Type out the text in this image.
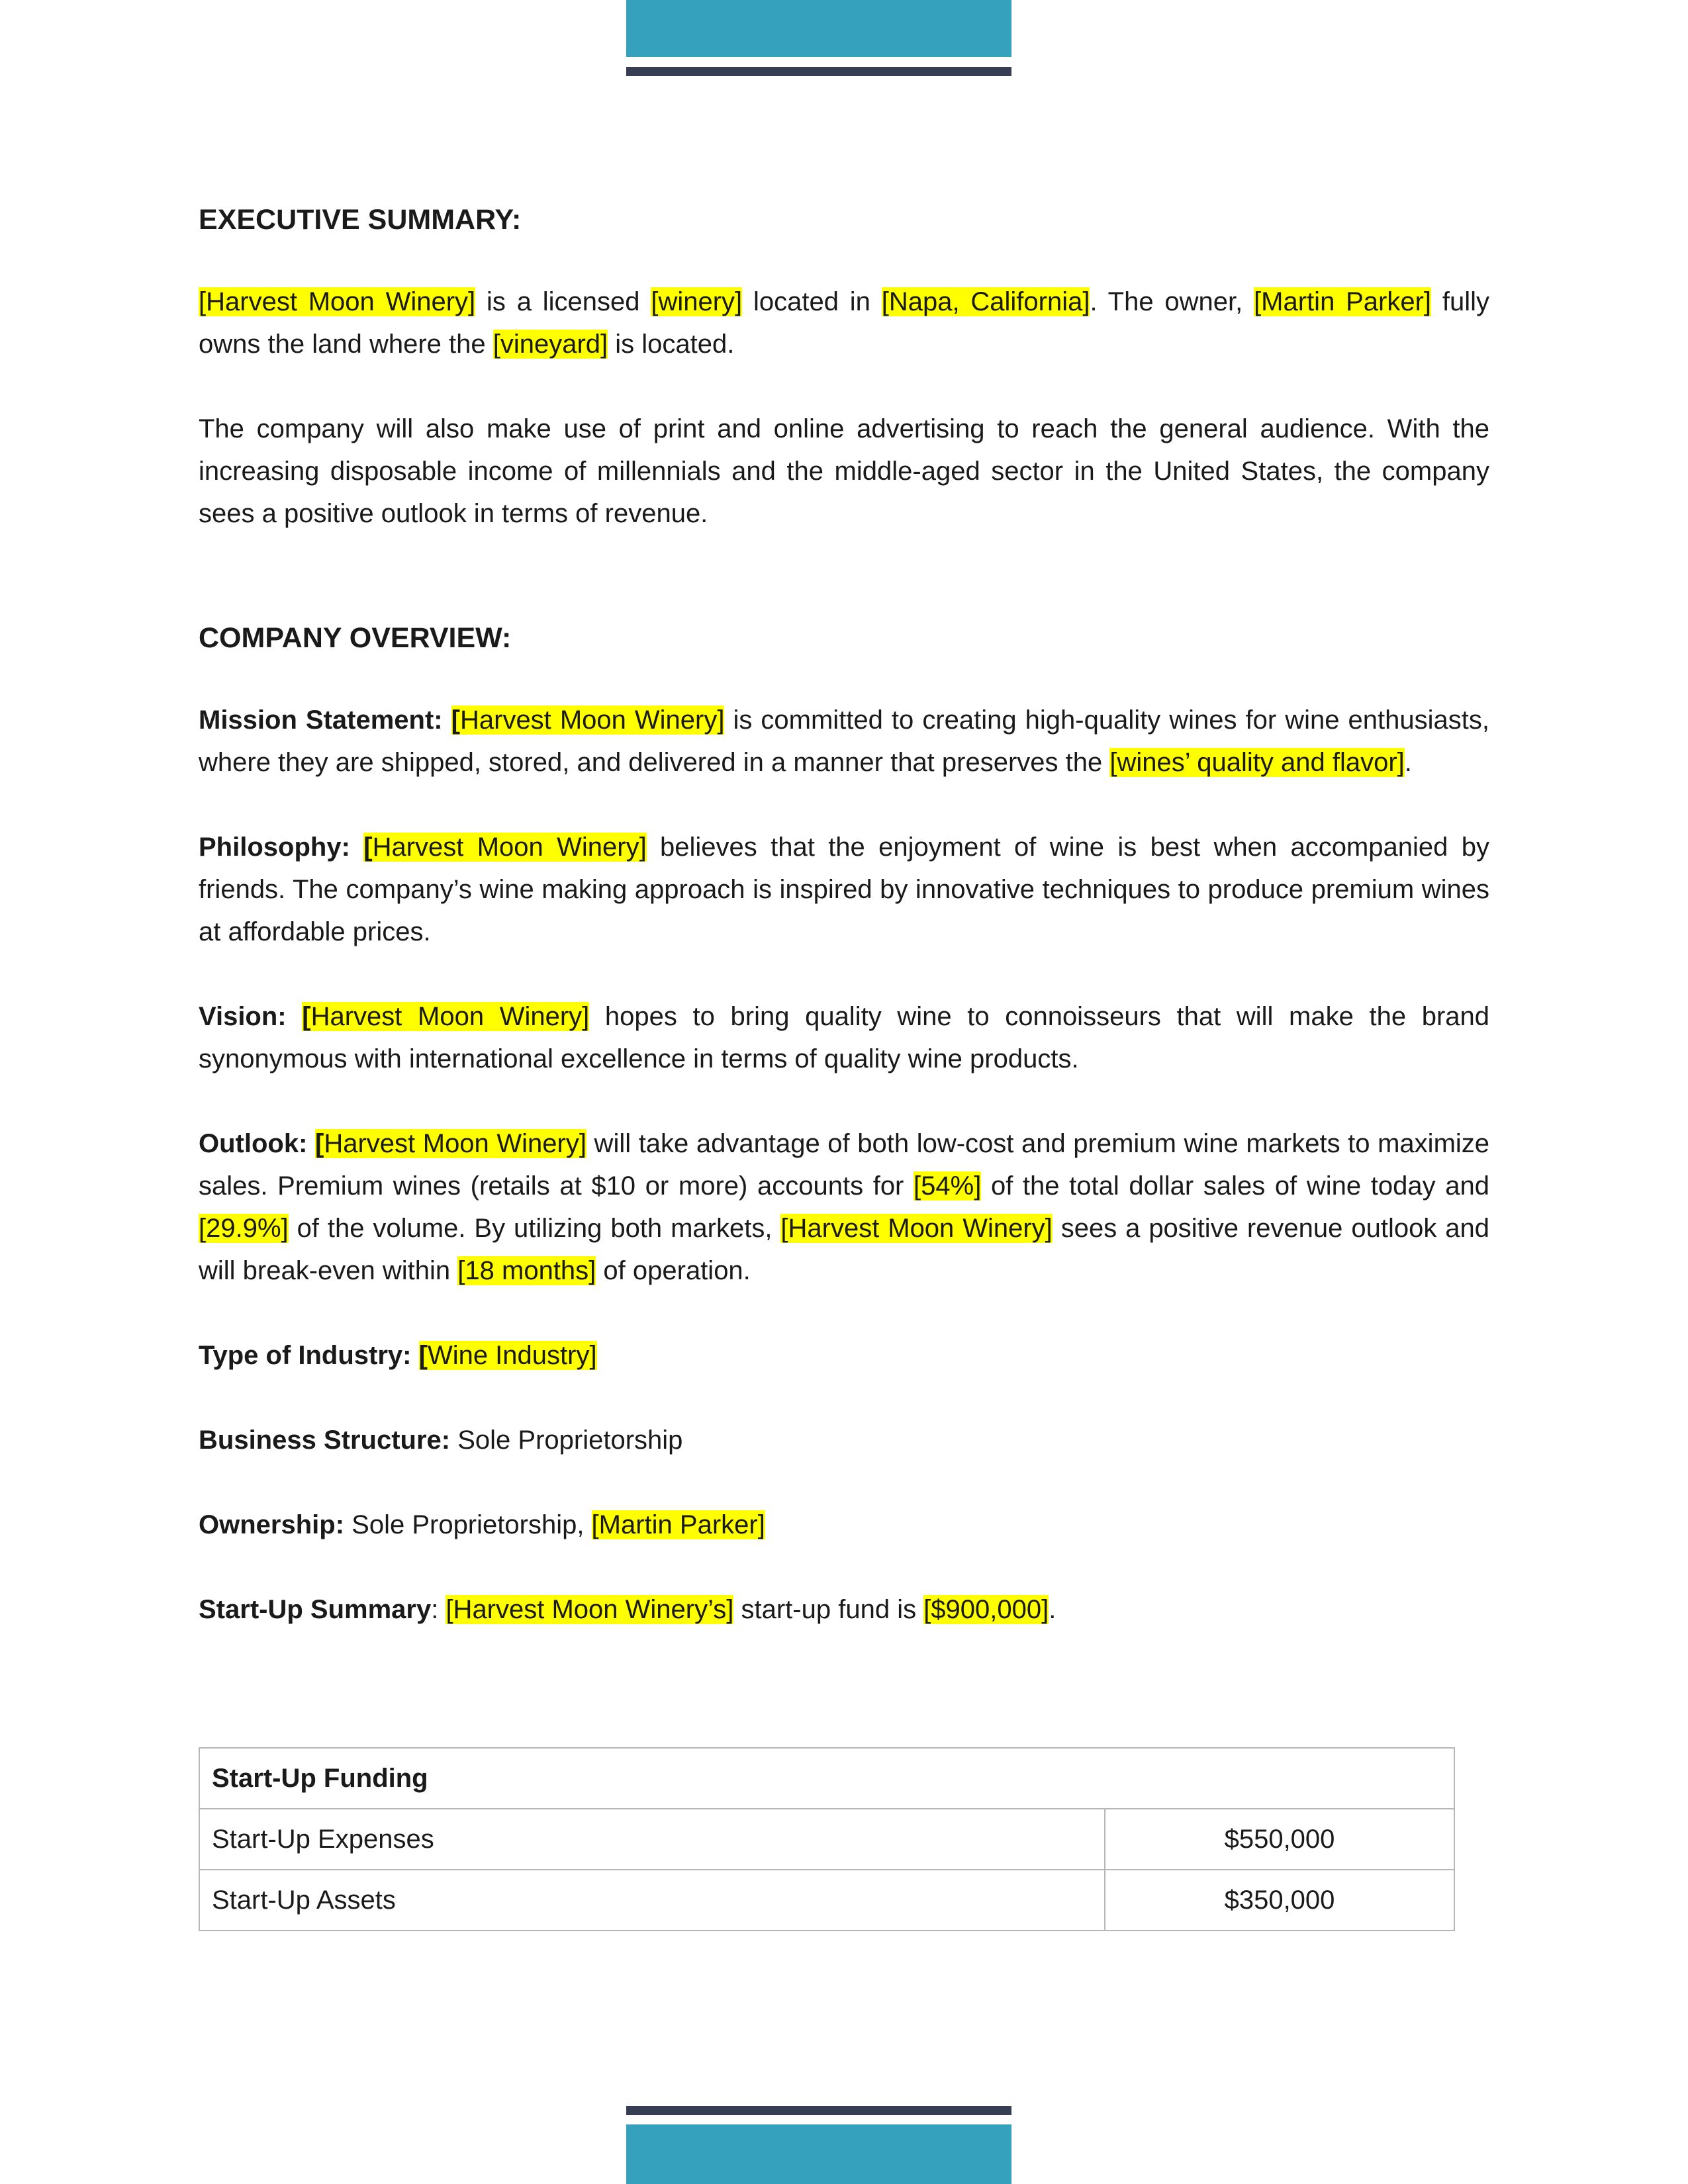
EXECUTIVE SUMMARY:

[Harvest Moon Winery] is a licensed [winery] located in [Napa, California]. The owner, [Martin Parker] fully owns the land where the [vineyard] is located.

The company will also make use of print and online advertising to reach the general audience. With the increasing disposable income of millennials and the middle-aged sector in the United States, the company sees a positive outlook in terms of revenue.

COMPANY OVERVIEW:

Mission Statement: [Harvest Moon Winery] is committed to creating high-quality wines for wine enthusiasts, where they are shipped, stored, and delivered in a manner that preserves the [wines’ quality and flavor].

Philosophy: [Harvest Moon Winery] believes that the enjoyment of wine is best when accompanied by friends. The company’s wine making approach is inspired by innovative techniques to produce premium wines at affordable prices.

Vision: [Harvest Moon Winery] hopes to bring quality wine to connoisseurs that will make the brand synonymous with international excellence in terms of quality wine products.

Outlook: [Harvest Moon Winery] will take advantage of both low-cost and premium wine markets to maximize sales. Premium wines (retails at $10 or more) accounts for [54%] of the total dollar sales of wine today and [29.9%] of the volume. By utilizing both markets, [Harvest Moon Winery] sees a positive revenue outlook and will break-even within [18 months] of operation.

Type of Industry: [Wine Industry]

Business Structure: Sole Proprietorship

Ownership: Sole Proprietorship, [Martin Parker]

Start-Up Summary: [Harvest Moon Winery’s] start-up fund is [$900,000].

Start-Up Funding	
Start-Up Expenses	$550,000
Start-Up Assets	$350,000
